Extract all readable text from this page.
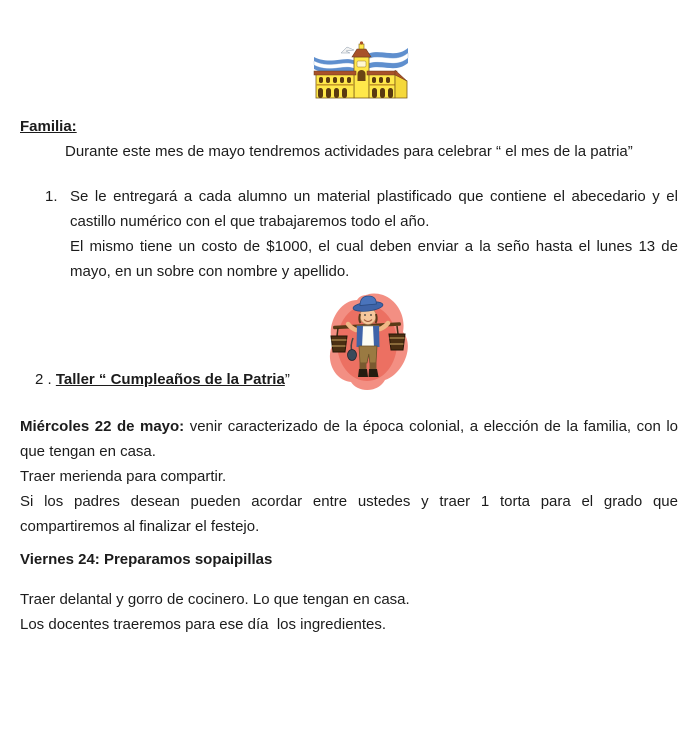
Familia:
Durante este mes de mayo tendremos actividades para celebrar “ el mes de la patria”
1. Se le entregará a cada alumno un material plastificado que contiene el abecedario y el castillo numérico con el que trabajaremos todo el año.
El mismo tiene un costo de $1000, el cual deben enviar a la seño hasta el lunes 13 de mayo, en un sobre con nombre y apellido.
2 . Taller “ Cumpleaños de la Patria”
Miércoles 22 de mayo: venir caracterizado de la época colonial, a elección de la familia, con lo que tengan en casa.
Traer merienda para compartir.
Si los padres desean pueden acordar entre ustedes y traer 1 torta para el grado que compartiremos al finalizar el festejo.
Viernes 24: Preparamos sopaipillas
Traer delantal y gorro de cocinero. Lo que tengan en casa.
Los docentes traeremos para ese día  los ingredientes.
